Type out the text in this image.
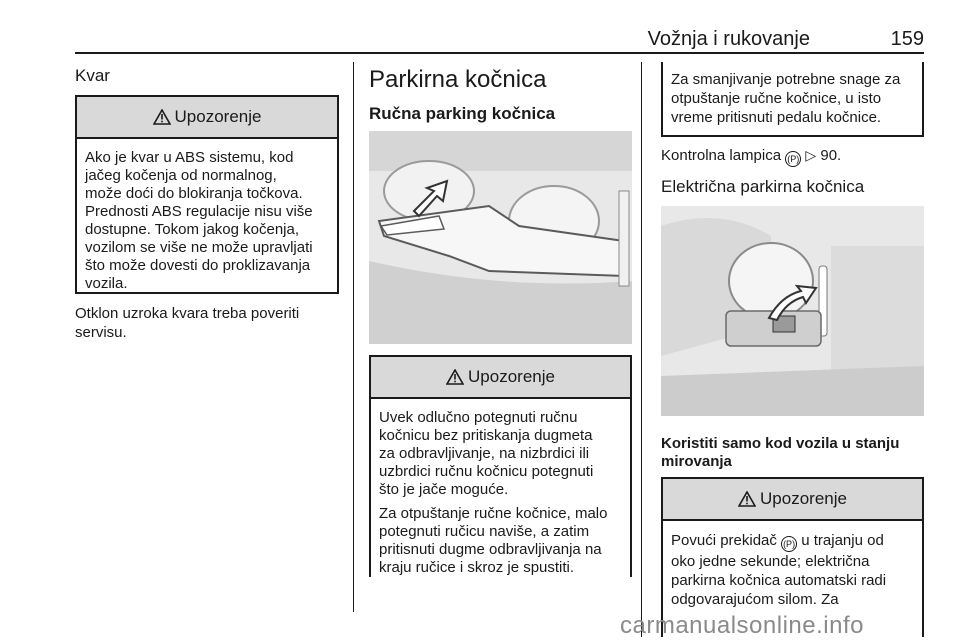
Vožnja i rukovanje	159
Kvar
Upozorenje
Ako je kvar u ABS sistemu, kod
jačeg kočenja od normalnog,
može doći do blokiranja točkova.
Prednosti ABS regulacije nisu više
dostupne. Tokom jakog kočenja,
vozilom se više ne može upravljati
što može dovesti do proklizavanja
vozila.
Otklon uzroka kvara treba poveriti
servisu.
Parkirna kočnica
Ručna parking kočnica
Upozorenje

Uvek odlučno potegnuti ručnu
kočnicu bez pritiskanja dugmeta
za odbravljivanje, na nizbrdici ili
uzbrdici ručnu kočnicu potegnuti
što je jače moguće.

Za otpuštanje ručne kočnice, malo
potegnuti ručicu naviše, a zatim
pritisnuti dugme odbravljivanja na
kraju ručice i skroz je spustiti.

Za smanjivanje potrebne snage za
otpuštanje ručne kočnice, u isto
vreme pritisnuti pedalu kočnice.
Kontrolna lampica (P) ▷ 90.
Električna parkirna kočnica
Koristiti samo kod vozila u stanju
mirovanja
Upozorenje
Povući prekidač (P) u trajanju od
oko jedne sekunde; električna
parkirna kočnica automatski radi
odgovarajućom silom. Za
carmanualsonline.info
